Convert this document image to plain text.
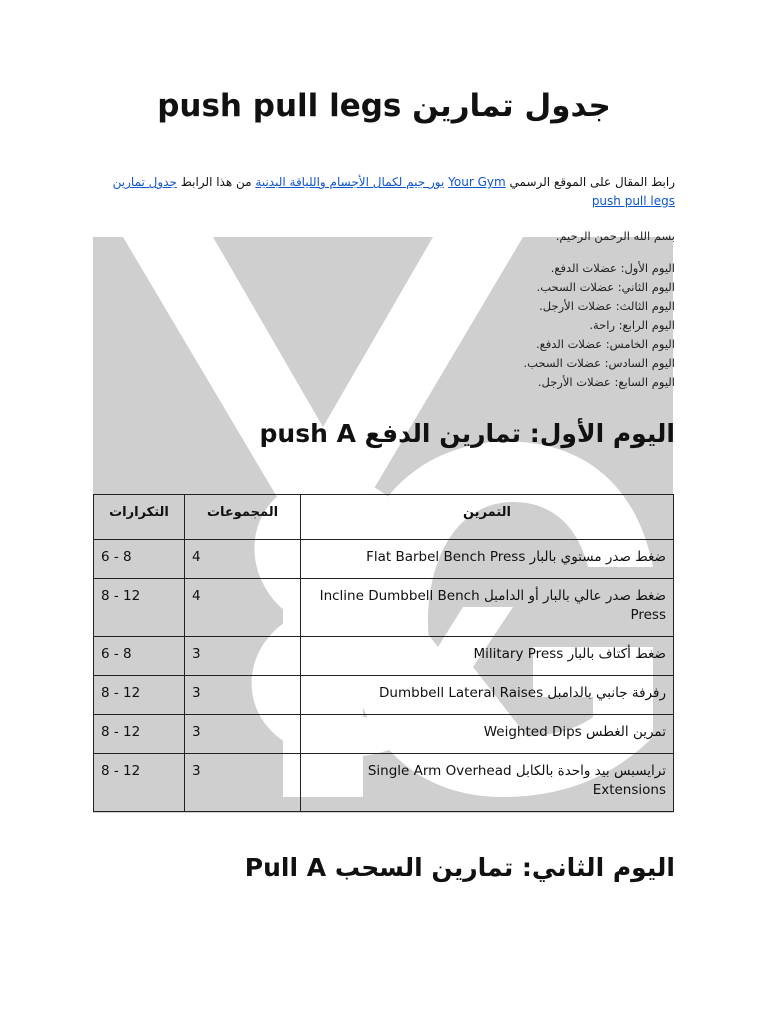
جدول تمارين push pull legs
رابط المقال على الموقع الرسمي Your Gym يور جيم لكمال الأجسام واللياقة البدنية من هذا الرابط جدول تمارين push pull legs
بسم الله الرحمن الرحيم.
اليوم الأول: عضلات الدفع.
اليوم الثاني: عضلات السحب.
اليوم الثالث: عضلات الأرجل.
اليوم الرابع: راحة.
اليوم الخامس: عضلات الدفع.
اليوم السادس: عضلات السحب.
اليوم السابع: عضلات الأرجل.
اليوم الأول: تمارين الدفع push A
التكرارات	المجموعات	التمرين
6 - 8	4	ضغط صدر مستوي بالبار Flat Barbel Bench Press
8 - 12	4	ضغط صدر عالي بالبار أو الدامبل Incline Dumbbell Bench Press
6 - 8	3	ضغط أكتاف بالبار Military Press
8 - 12	3	رفرفة جانبي بالدامبل Dumbbell Lateral Raises
8 - 12	3	تمرين الغطس Weighted Dips
8 - 12	3	ترايسبس بيد واحدة بالكابل Single Arm Overhead Extensions
اليوم الثاني: تمارين السحب Pull A
